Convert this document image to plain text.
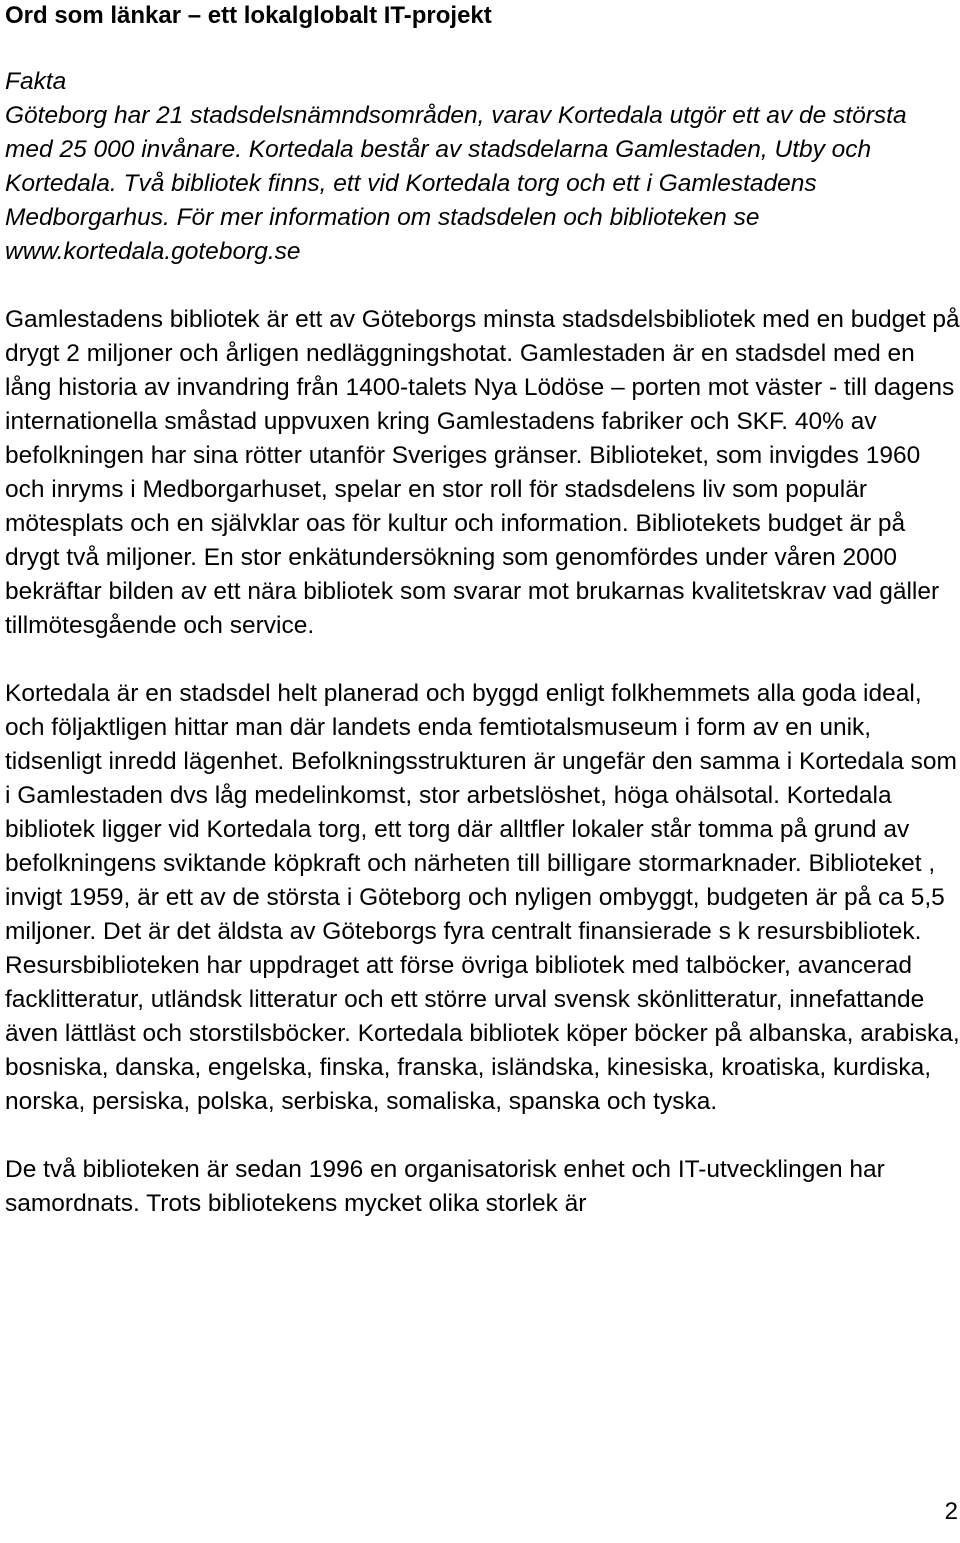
Ord som länkar – ett lokalglobalt IT-projekt
Fakta
Göteborg har 21 stadsdelsnämndsområden, varav Kortedala utgör ett av de största med 25 000 invånare. Kortedala består av stadsdelarna Gamlestaden, Utby och Kortedala. Två bibliotek finns, ett vid Kortedala torg och ett i Gamlestadens Medborgarhus. För mer information om stadsdelen och biblioteken se www.kortedala.goteborg.se

Gamlestadens bibliotek är ett av Göteborgs minsta stadsdelsbibliotek med en budget på drygt 2 miljoner och årligen nedläggningshotat. Gamlestaden är en stadsdel med en lång historia av invandring från 1400-talets Nya Lödöse – porten mot väster - till dagens internationella småstad uppvuxen kring Gamlestadens fabriker och SKF. 40% av befolkningen har sina rötter utanför Sveriges gränser. Biblioteket, som invigdes 1960 och inryms i Medborgarhuset, spelar en stor roll för stadsdelens liv som populär mötesplats och en självklar oas för kultur och information. Bibliotekets budget är på drygt två miljoner. En stor enkätundersökning som genomfördes under våren 2000 bekräftar bilden av ett nära bibliotek som svarar mot brukarnas kvalitetskrav vad gäller tillmötesgående och service.

Kortedala är en stadsdel helt planerad och byggd enligt folkhemmets alla goda ideal, och följaktligen hittar man där landets enda femtiotalsmuseum i form av en unik, tidsenligt inredd lägenhet. Befolkningsstrukturen är ungefär den samma i Kortedala som i Gamlestaden dvs låg medelinkomst, stor arbetslöshet, höga ohälsotal. Kortedala bibliotek ligger vid Kortedala torg, ett torg där alltfler lokaler står tomma på grund av befolkningens sviktande köpkraft och närheten till billigare stormarknader. Biblioteket , invigt 1959, är ett av de största i Göteborg och nyligen ombyggt, budgeten är på ca 5,5 miljoner. Det är det äldsta av Göteborgs fyra centralt finansierade s k resursbibliotek. Resursbiblioteken har uppdraget att förse övriga bibliotek med talböcker, avancerad facklitteratur, utländsk litteratur och ett större urval svensk skönlitteratur, innefattande även lättläst och storstilsböcker. Kortedala bibliotek köper böcker på albanska, arabiska, bosniska, danska, engelska, finska, franska, isländska, kinesiska, kroatiska, kurdiska, norska, persiska, polska, serbiska, somaliska, spanska och tyska.

De två biblioteken är sedan 1996 en organisatorisk enhet och IT-utvecklingen har samordnats. Trots bibliotekens mycket olika storlek är

2
